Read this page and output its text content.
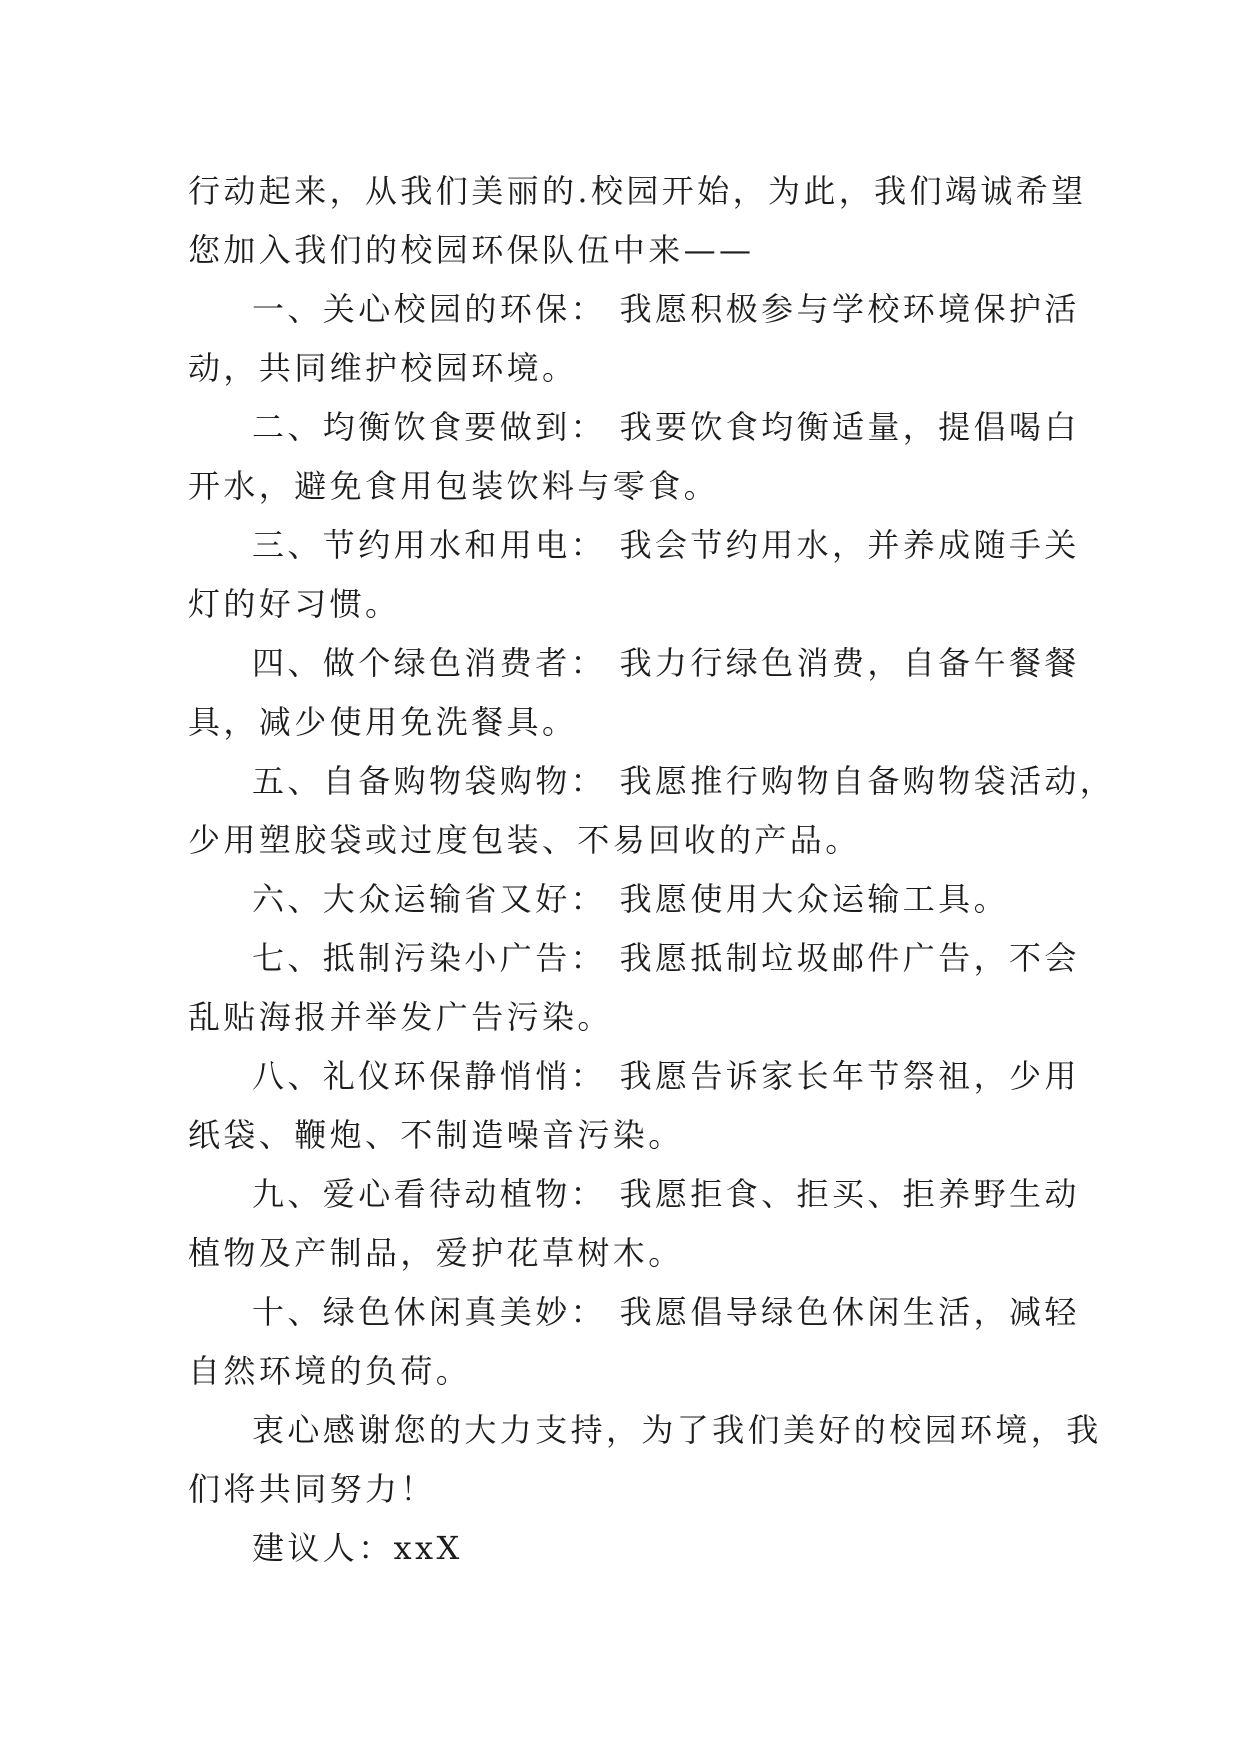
行动起来，从我们美丽的.校园开始，为此，我们竭诚希望

您加入我们的校园环保队伍中来——

一、关心校园的环保： 我愿积极参与学校环境保护活

动，共同维护校园环境。

二、均衡饮食要做到： 我要饮食均衡适量，提倡喝白

开水，避免食用包装饮料与零食。

三、节约用水和用电： 我会节约用水，并养成随手关

灯的好习惯。

四、做个绿色消费者： 我力行绿色消费，自备午餐餐

具，减少使用免洗餐具。

五、自备购物袋购物： 我愿推行购物自备购物袋活动，

少用塑胶袋或过度包装、不易回收的产品。

六、大众运输省又好： 我愿使用大众运输工具。

七、抵制污染小广告： 我愿抵制垃圾邮件广告，不会

乱贴海报并举发广告污染。

八、礼仪环保静悄悄： 我愿告诉家长年节祭祖，少用

纸袋、鞭炮、不制造噪音污染。

九、爱心看待动植物： 我愿拒食、拒买、拒养野生动

植物及产制品，爱护花草树木。

十、绿色休闲真美妙： 我愿倡导绿色休闲生活，减轻

自然环境的负荷。

衷心感谢您的大力支持，为了我们美好的校园环境，我

们将共同努力！

建议人：xxX
